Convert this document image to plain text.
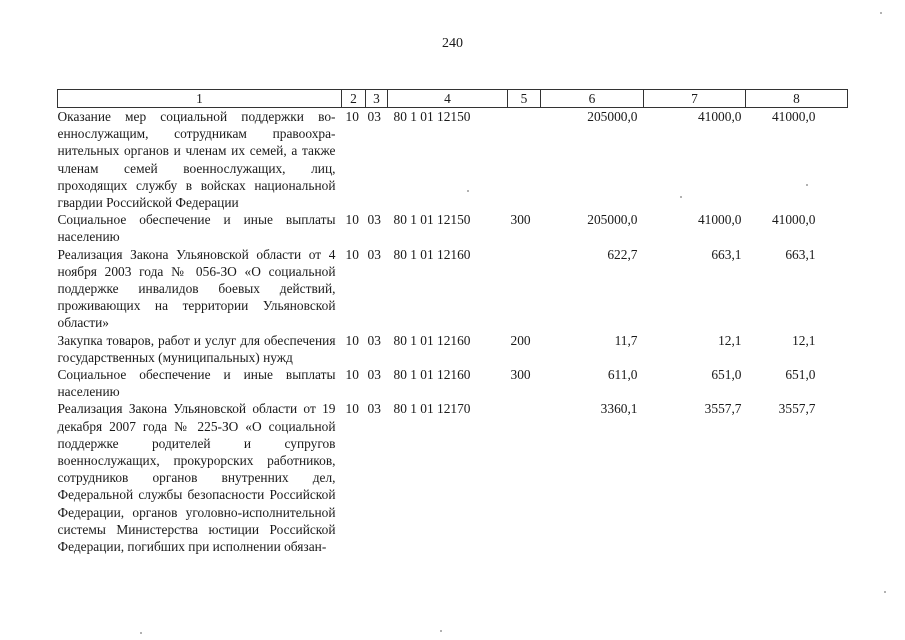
240
1	2	3	4	5	6	7	8
Оказание мер социальной поддержки военнослужащим, сотрудникам правоохранительных органов и членам их семей, а также членам семей военнослужащих, лиц, проходящих службу в войсках национальной гвардии Российской Федерации	10	03	80 1 01 12150		205000,0	41000,0	41000,0
Социальное обеспечение и иные выплаты населению	10	03	80 1 01 12150	300	205000,0	41000,0	41000,0
Реализация Закона Ульяновской области от 4 ноября 2003 года № 056-ЗО «О социальной поддержке инвалидов боевых действий, проживающих на территории Ульяновской области»	10	03	80 1 01 12160		622,7	663,1	663,1
Закупка товаров, работ и услуг для обеспечения государственных (муниципальных) нужд	10	03	80 1 01 12160	200	11,7	12,1	12,1
Социальное обеспечение и иные выплаты населению	10	03	80 1 01 12160	300	611,0	651,0	651,0
Реализация Закона Ульяновской области от 19 декабря 2007 года № 225-ЗО «О социальной поддержке родителей и супругов военнослужащих, прокурорских работников, сотрудников органов внутренних дел, Федеральной службы безопасности Российской Федерации, органов уголовно-исполнительной системы Министерства юстиции Российской Федерации, погибших при исполнении обязан-	10	03	80 1 01 12170		3360,1	3557,7	3557,7
